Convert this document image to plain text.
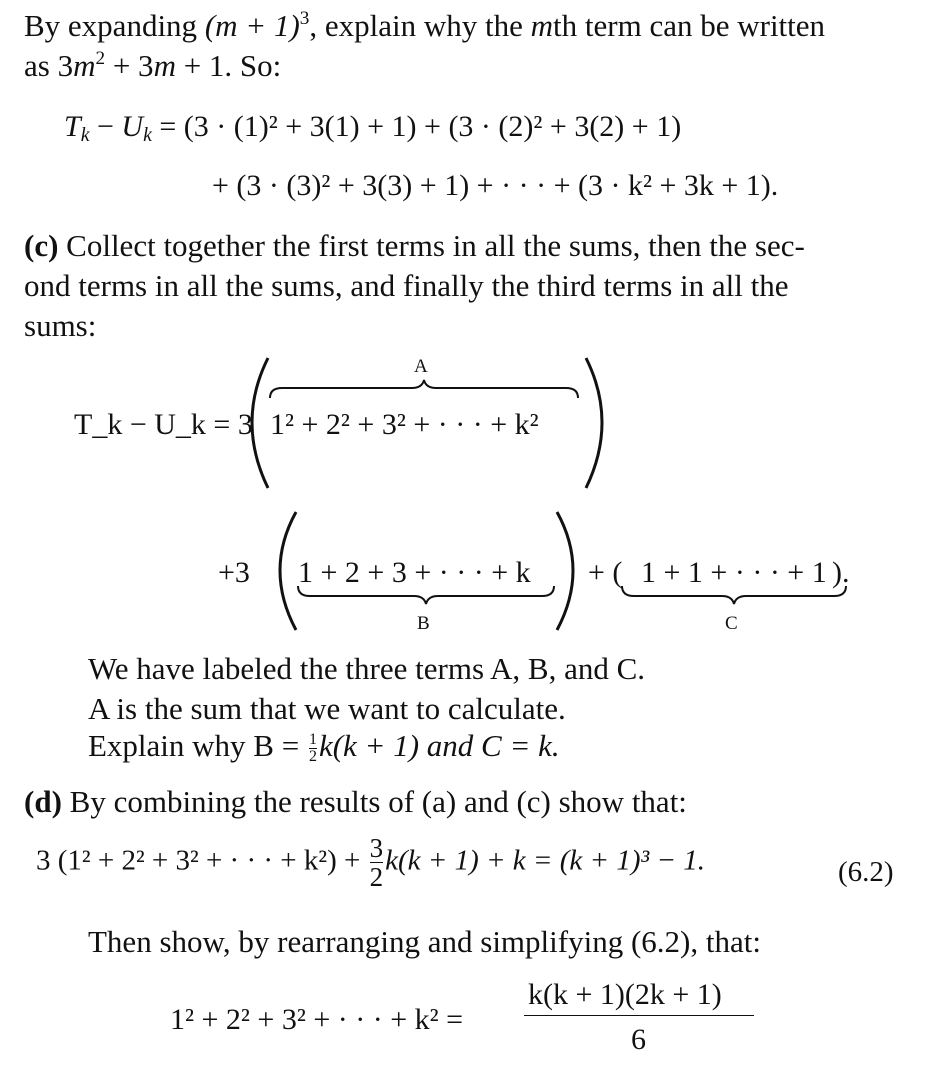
By expanding $(m + 1)^3$, explain why the mth term can be written
as $3m^2 + 3m + 1$. So:
$T_k - U_k = (3 \cdot (1)^2 + 3(1) + 1) + (3 \cdot (2)^2 + 3(2) + 1)$
+ (3 · (3)² + 3(3) + 1) + · · · + (3 · k² + 3k + 1).
(c) Collect together the first terms in all the sums, then the sec-
ond terms in all the sums, and finally the third terms in all the
sums:
T_k − U_k = 3
A
1² + 2² + 3² + · · · + k²
+3 1 + 2 + 3 + · · · + k + ( 1 + 1 + · · · + 1 ).
B	C
We have labeled the three terms A, B, and C.
A is the sum that we want to calculate.
Explain why $B = \frac{1}{2} k(k + 1)$ and C = k.
(d) By combining the results of (a) and (c) show that:
3 (1² + 2² + 3² + · · · + $k^2) + \frac{3}{2} k(k + 1) + k = (k + 1)^3 - 1$.	(6.2)
Then show, by rearranging and simplifying (6.2), that:
1² + 2² + 3² + · · · + k² =
k(k + 1)(2k + 1)
6
